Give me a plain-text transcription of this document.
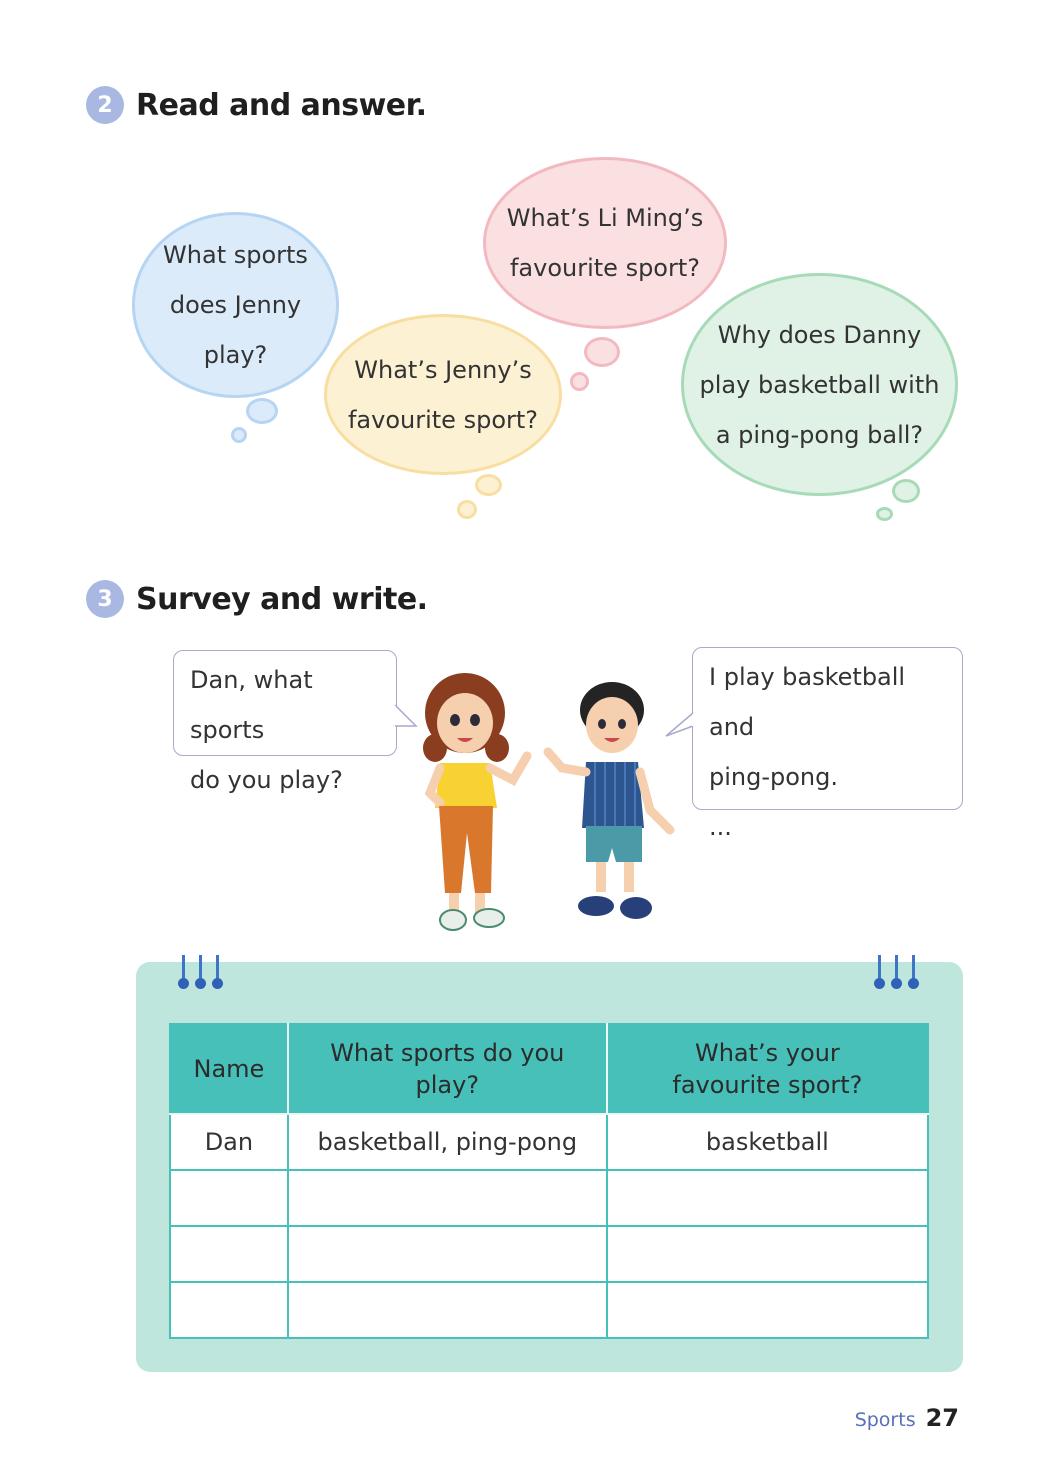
2 Read and answer.
What sports
does Jenny
play?
What’s Jenny’s
favourite sport?
What’s Li Ming’s
favourite sport?
Why does Danny
play basketball with
a ping-pong ball?
3 Survey and write.
Dan, what sports
do you play?
I play basketball and
ping-pong.
...
Name	What sports do you play?	What’s your favourite sport?
Dan	basketball, ping-pong	basketball

Sports 27
